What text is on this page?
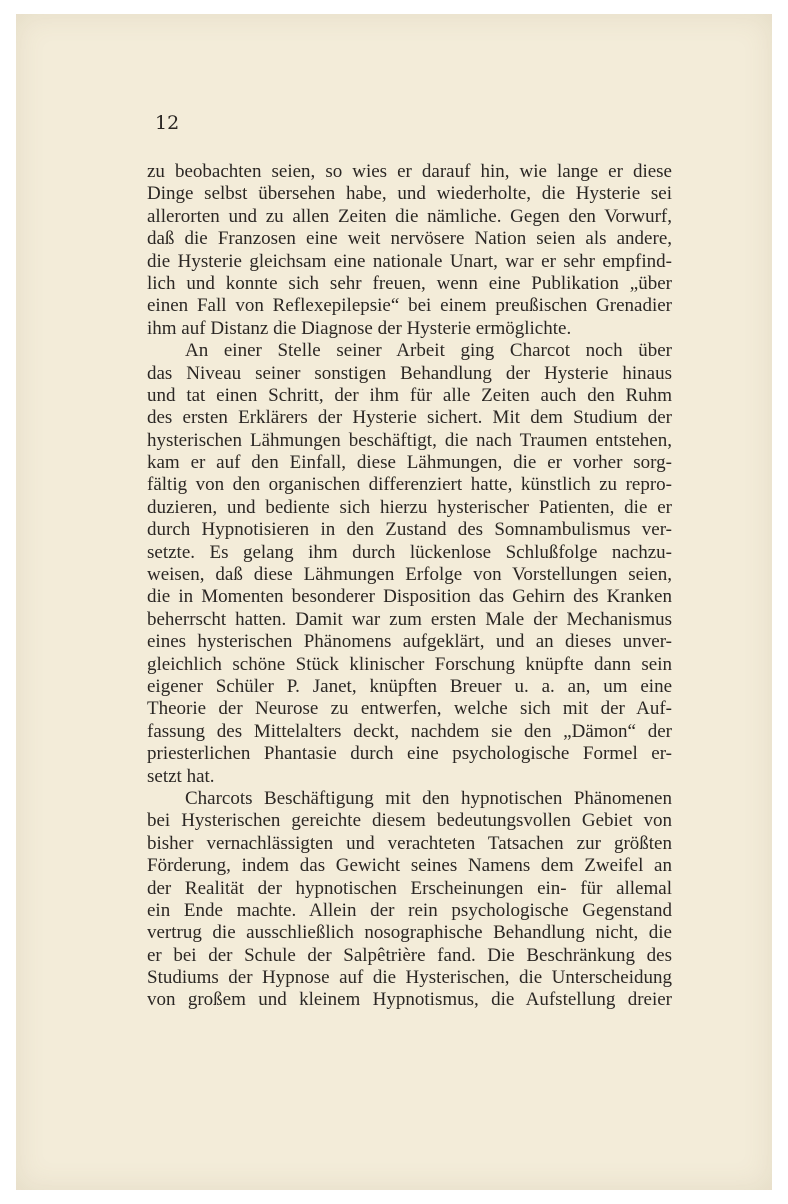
12

zu beobachten seien, so wies er darauf hin, wie lange er diese
Dinge selbst übersehen habe, und wiederholte, die Hysterie sei
allerorten und zu allen Zeiten die nämliche. Gegen den Vorwurf,
daß die Franzosen eine weit nervösere Nation seien als andere,
die Hysterie gleichsam eine nationale Unart, war er sehr empfind-
lich und konnte sich sehr freuen, wenn eine Publikation „über
einen Fall von Reflexepilepsie“ bei einem preußischen Grenadier
ihm auf Distanz die Diagnose der Hysterie ermöglichte.

An einer Stelle seiner Arbeit ging Charcot noch über
das Niveau seiner sonstigen Behandlung der Hysterie hinaus
und tat einen Schritt, der ihm für alle Zeiten auch den Ruhm
des ersten Erklärers der Hysterie sichert. Mit dem Studium der
hysterischen Lähmungen beschäftigt, die nach Traumen entstehen,
kam er auf den Einfall, diese Lähmungen, die er vorher sorg-
fältig von den organischen differenziert hatte, künstlich zu repro-
duzieren, und bediente sich hierzu hysterischer Patienten, die er
durch Hypnotisieren in den Zustand des Somnambulismus ver-
setzte. Es gelang ihm durch lückenlose Schlußfolge nachzu-
weisen, daß diese Lähmungen Erfolge von Vorstellungen seien,
die in Momenten besonderer Disposition das Gehirn des Kranken
beherrscht hatten. Damit war zum ersten Male der Mechanismus
eines hysterischen Phänomens aufgeklärt, und an dieses unver-
gleichlich schöne Stück klinischer Forschung knüpfte dann sein
eigener Schüler P. Janet, knüpften Breuer u. a. an, um eine
Theorie der Neurose zu entwerfen, welche sich mit der Auf-
fassung des Mittelalters deckt, nachdem sie den „Dämon“ der
priesterlichen Phantasie durch eine psychologische Formel er-
setzt hat.

Charcots Beschäftigung mit den hypnotischen Phänomenen
bei Hysterischen gereichte diesem bedeutungsvollen Gebiet von
bisher vernachlässigten und verachteten Tatsachen zur größten
Förderung, indem das Gewicht seines Namens dem Zweifel an
der Realität der hypnotischen Erscheinungen ein- für allemal
ein Ende machte. Allein der rein psychologische Gegenstand
vertrug die ausschließlich nosographische Behandlung nicht, die
er bei der Schule der Salpêtrière fand. Die Beschränkung des
Studiums der Hypnose auf die Hysterischen, die Unterscheidung
von großem und kleinem Hypnotismus, die Aufstellung dreier
